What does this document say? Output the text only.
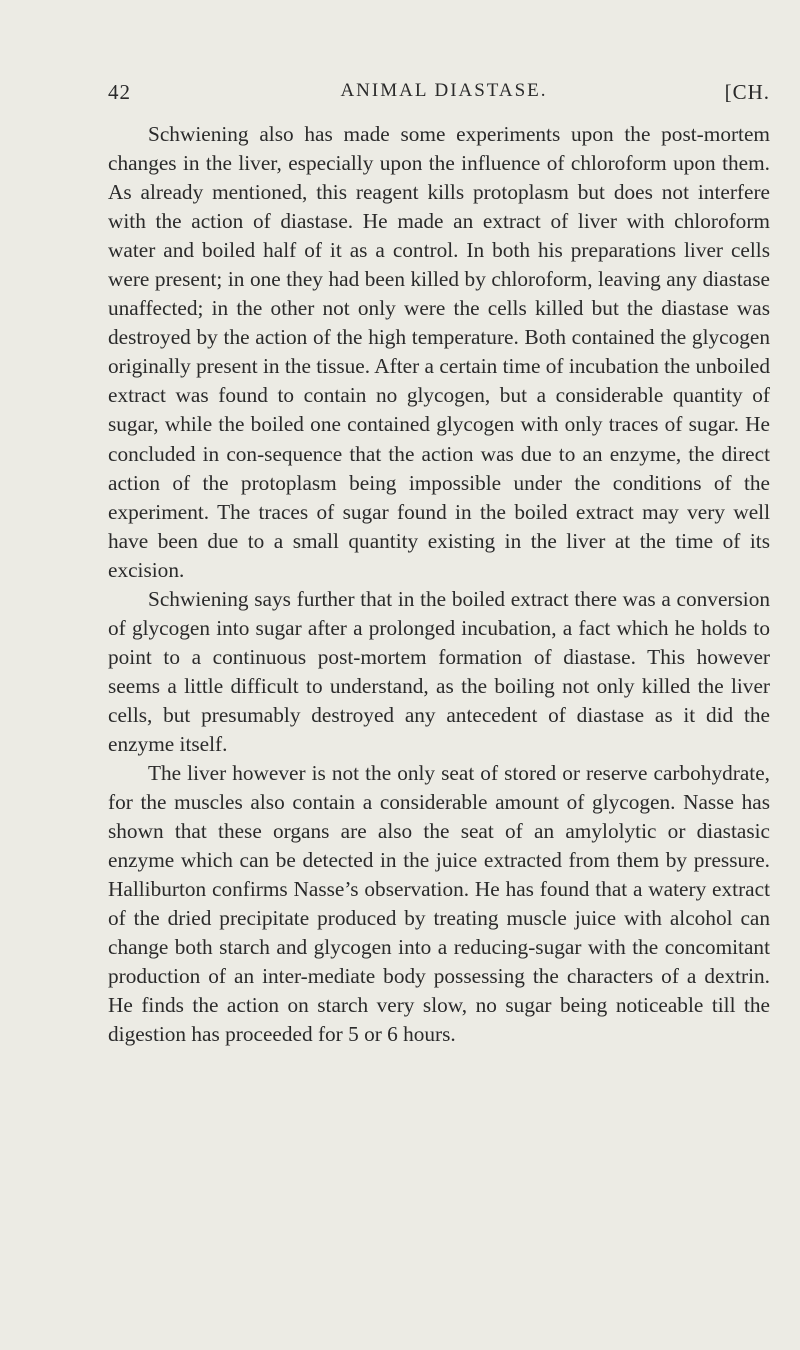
42	ANIMAL DIASTASE.	[CH.

Schwiening also has made some experiments upon the post-mortem changes in the liver, especially upon the influence of chloroform upon them. As already mentioned, this reagent kills protoplasm but does not interfere with the action of diastase. He made an extract of liver with chloroform water and boiled half of it as a control. In both his preparations liver cells were present; in one they had been killed by chloroform, leaving any diastase unaffected; in the other not only were the cells killed but the diastase was destroyed by the action of the high temperature. Both contained the glycogen originally present in the tissue. After a certain time of incubation the unboiled extract was found to contain no glycogen, but a considerable quantity of sugar, while the boiled one contained glycogen with only traces of sugar. He concluded in con-sequence that the action was due to an enzyme, the direct action of the protoplasm being impossible under the conditions of the experiment. The traces of sugar found in the boiled extract may very well have been due to a small quantity existing in the liver at the time of its excision.

Schwiening says further that in the boiled extract there was a conversion of glycogen into sugar after a prolonged incubation, a fact which he holds to point to a continuous post-mortem formation of diastase. This however seems a little difficult to understand, as the boiling not only killed the liver cells, but presumably destroyed any antecedent of diastase as it did the enzyme itself.

The liver however is not the only seat of stored or reserve carbohydrate, for the muscles also contain a considerable amount of glycogen. Nasse has shown that these organs are also the seat of an amylolytic or diastasic enzyme which can be detected in the juice extracted from them by pressure. Halliburton confirms Nasse’s observation. He has found that a watery extract of the dried precipitate produced by treating muscle juice with alcohol can change both starch and glycogen into a reducing-sugar with the concomitant production of an inter-mediate body possessing the characters of a dextrin. He finds the action on starch very slow, no sugar being noticeable till the digestion has proceeded for 5 or 6 hours.
